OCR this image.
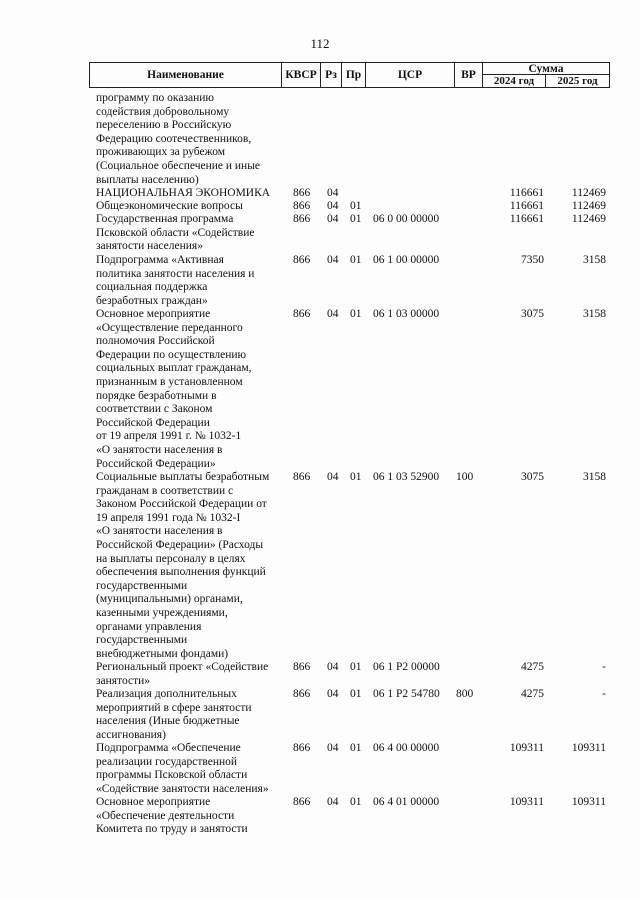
112
Наименование	КВСР Рз Пр	ЦСР	ВР
Сумма
2024 год	2025 год
программу по оказанию
содействия добровольному
переселению в Российскую
Федерацию соотечественников,
проживающих за рубежом
(Социальное обеспечение и иные
выплаты населению)
НАЦИОНАЛЬНАЯ ЭКОНОМИКА	866 04	116661 112469
Общеэкономические вопросы	866 04 01	116661 112469
Государственная программа
Псковской области «Содействие
занятости населения»
866 04 01 06 0 00 00000	116661 112469
Подпрограмма «Активная
политика занятости населения и
социальная поддержка
безработных граждан»
866 04 01 06 1 00 00000	7350	3158
Основное мероприятие
«Осуществление переданного
полномочия Российской
Федерации по осуществлению
социальных выплат гражданам,
признанным в установленном
порядке безработными в
соответствии с Законом
Российской Федерации
от 19 апреля 1991 г. № 1032-1
«О занятости населения в
Российской Федерации»
866 04 01 06 1 03 00000	3075	3158
Социальные выплаты безработным
гражданам в соответствии с
Законом Российской Федерации от
19 апреля 1991 года № 1032-I
«О занятости населения в
Российской Федерации» (Расходы
на выплаты персоналу в целях
обеспечения выполнения функций
государственными
(муниципальными) органами,
казенными учреждениями,
органами управления
государственными
внебюджетными фондами)
866 04 01 06 1 03 52900 100	3075	3158
Региональный проект «Содействие
занятости»
866 04 01 06 1 P2 00000	4275	-
Реализация дополнительных
мероприятий в сфере занятости
населения (Иные бюджетные
ассигнования)
866 04 01 06 1 P2 54780 800	4275	-
Подпрограмма «Обеспечение
реализации государственной
программы Псковской области
«Содействие занятости населения»
866 04 01 06 4 00 00000	109311 109311
Основное мероприятие
«Обеспечение деятельности
Комитета по труду и занятости
866 04 01 06 4 01 00000	109311 109311
